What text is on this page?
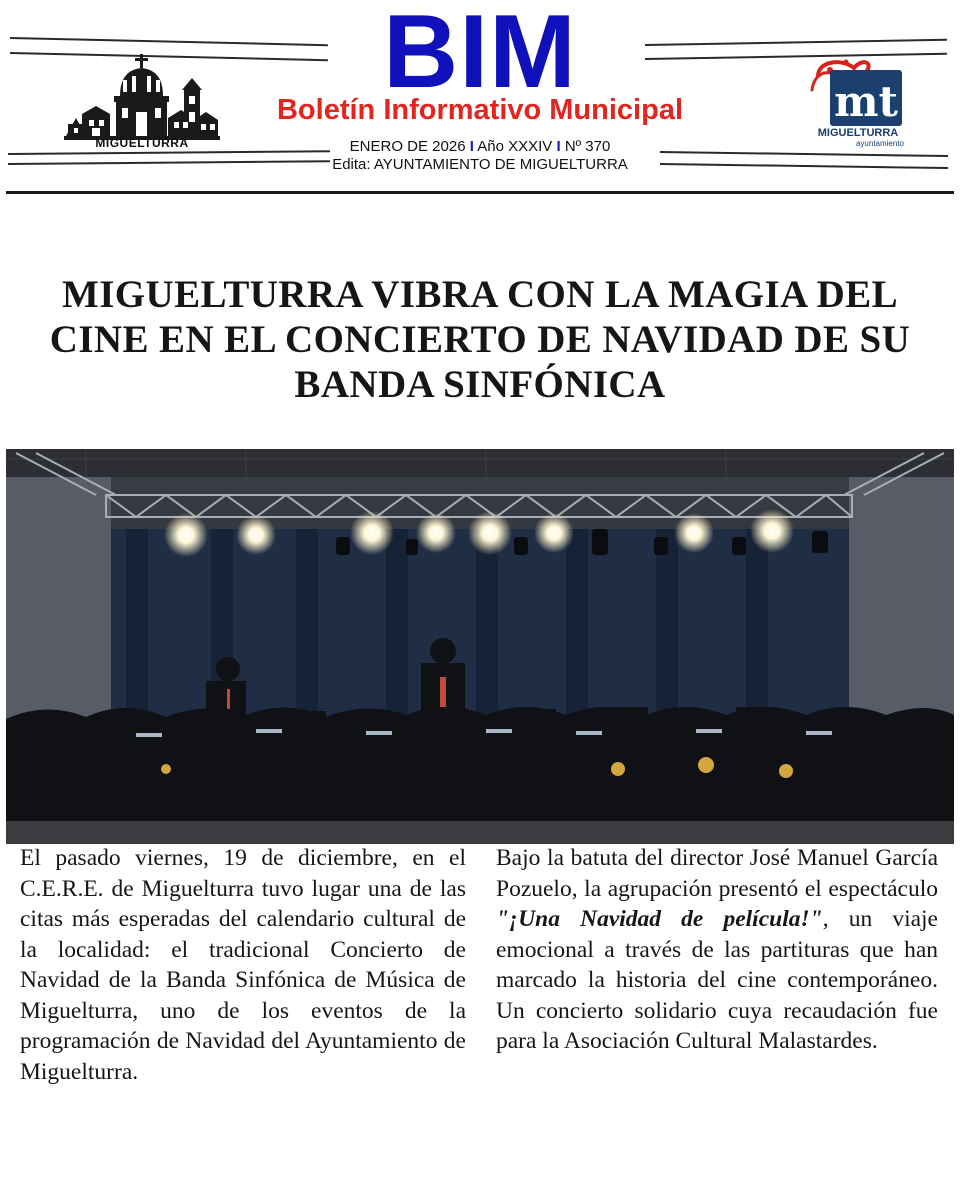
MIGUELTURRA
BIM
Boletín Informativo Municipal
ENERO DE 2026 I Año XXXIV I Nº 370
Edita: AYUNTAMIENTO DE MIGUELTURRA
mt
MIGUELTURRA
ayuntamiento
MIGUELTURRA VIBRA CON LA MAGIA DEL CINE EN EL CONCIERTO DE NAVIDAD DE SU BANDA SINFÓNICA
El pasado viernes, 19 de diciembre, en el C.E.R.E. de Miguelturra tuvo lugar una de las citas más esperadas del calendario cultural de la localidad: el tradicional Concierto de Navidad de la Banda Sinfónica de Música de Miguelturra, uno de los eventos de la programación de Navidad del Ayuntamiento de Miguelturra.
Bajo la batuta del director José Manuel García Pozuelo, la agrupación presentó el espectáculo "¡Una Navidad de película!", un viaje emocional a través de las partituras que han marcado la historia del cine contemporáneo. Un concierto solidario cuya recaudación fue para la Asociación Cultural Malastardes.
